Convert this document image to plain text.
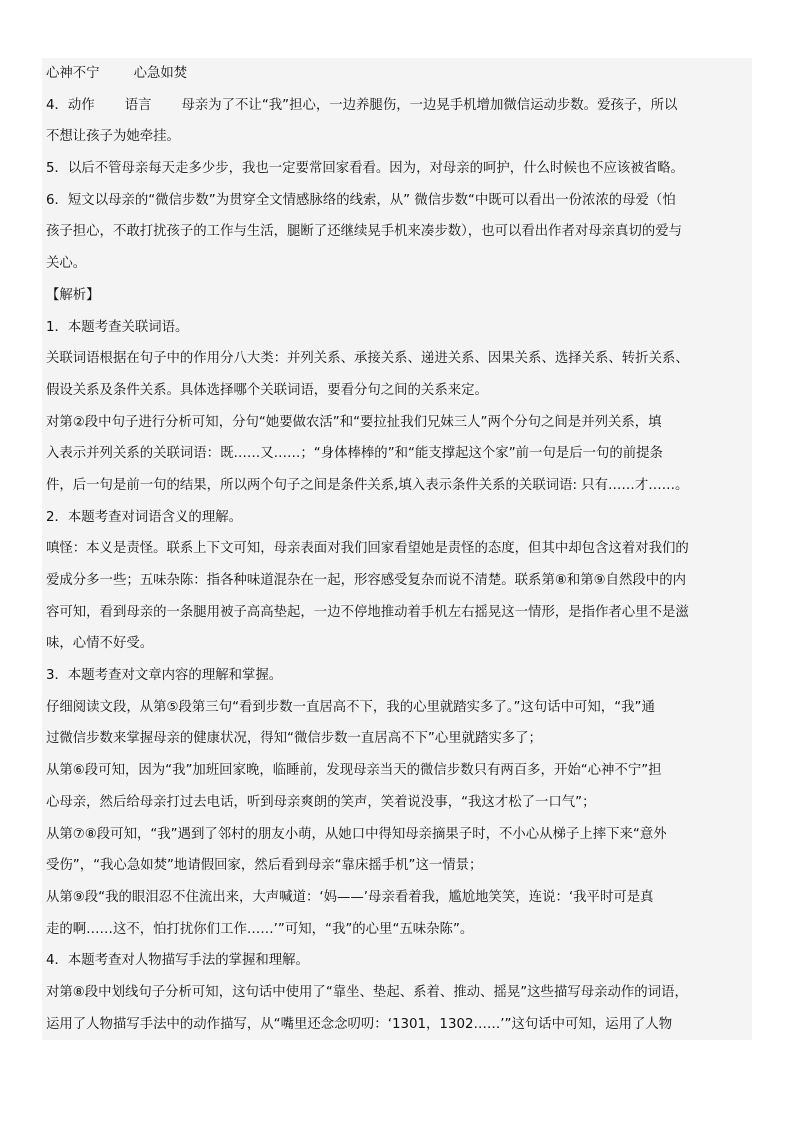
心神不宁	心急如焚
4．动作 语言 母亲为了不让“我”担心，一边养腿伤，一边晃手机增加微信运动步数。爱孩子，所以
不想让孩子为她牵挂。
5．以后不管母亲每天走多少步，我也一定要常回家看看。因为，对母亲的呵护，什么时候也不应该被省略。
6．短文以母亲的“微信步数”为贯穿全文情感脉络的线索，从” 微信步数“中既可以看出一份浓浓的母爱（怕
孩子担心，不敢打扰孩子的工作与生活，腿断了还继续晃手机来凑步数），也可以看出作者对母亲真切的爱与
关心。
【解析】
1．本题考查关联词语。
关联词语根据在句子中的作用分八大类：并列关系、承接关系、递进关系、因果关系、选择关系、转折关系、
假设关系及条件关系。具体选择哪个关联词语，要看分句之间的关系来定。
对第②段中句子进行分析可知，分句“她要做农活”和“要拉扯我们兄妹三人”两个分句之间是并列关系，填
入表示并列关系的关联词语：既……又……；“身体棒棒的”和“能支撑起这个家”前一句是后一句的前提条
件，后一句是前一句的结果，所以两个句子之间是条件关系,填入表示条件关系的关联词语: 只有……才……。
2．本题考查对词语含义的理解。
嗔怪：本义是责怪。联系上下文可知，母亲表面对我们回家看望她是责怪的态度，但其中却包含这着对我们的
爱成分多一些；五味杂陈：指各种味道混杂在一起，形容感受复杂而说不清楚。联系第⑧和第⑨自然段中的内
容可知，看到母亲的一条腿用被子高高垫起，一边不停地推动着手机左右摇晃这一情形，是指作者心里不是滋
味，心情不好受。
3．本题考查对文章内容的理解和掌握。
仔细阅读文段，从第⑤段第三句“看到步数一直居高不下，我的心里就踏实多了。”这句话中可知，“我”通
过微信步数来掌握母亲的健康状况，得知“微信步数一直居高不下”心里就踏实多了；
从第⑥段可知，因为“我”加班回家晚，临睡前，发现母亲当天的微信步数只有两百多，开始“心神不宁”担
心母亲，然后给母亲打过去电话，听到母亲爽朗的笑声，笑着说没事，“我这才松了一口气”；
从第⑦⑧段可知，“我”遇到了邻村的朋友小萌，从她口中得知母亲摘果子时，不小心从梯子上摔下来“意外
受伤”，“我心急如焚”地请假回家，然后看到母亲“靠床摇手机”这一情景；
从第⑨段“我的眼泪忍不住流出来，大声喊道：‘妈——’母亲看着我，尴尬地笑笑，连说：‘我平时可是真
走的啊……这不，怕打扰你们工作……’”可知，“我”的心里“五味杂陈”。
4．本题考查对人物描写手法的掌握和理解。
对第⑧段中划线句子分析可知，这句话中使用了“靠坐、垫起、系着、推动、摇晃”这些描写母亲动作的词语，
运用了人物描写手法中的动作描写，从“嘴里还念念叨叨：‘1301，1302……’”这句话中可知，运用了人物
